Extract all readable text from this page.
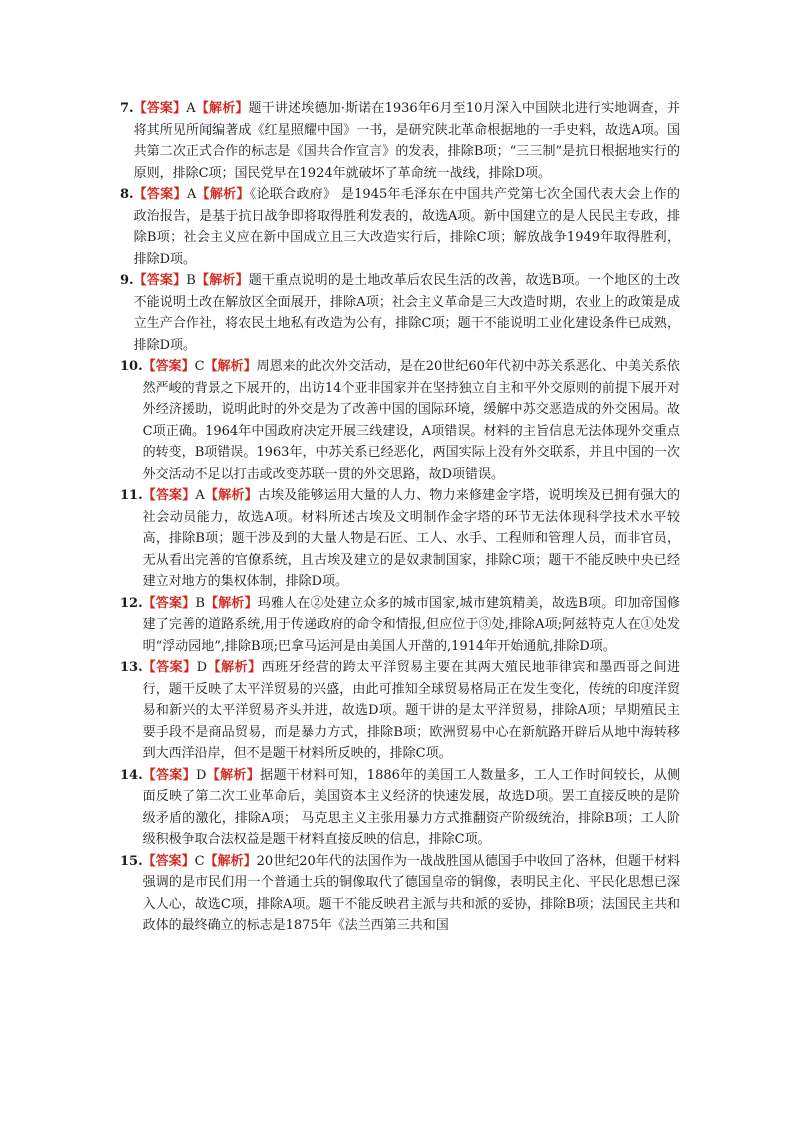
7. 【答案】A【解析】题干讲述埃德加·斯诺在1936年6月至10月深入中国陕北进行实地调查，并将其所见所闻编著成《红星照耀中国》一书，是研究陕北革命根据地的一手史料，故选A项。国共第二次正式合作的标志是《国共合作宣言》的发表，排除B项；“三三制”是抗日根据地实行的原则，排除C项；国民党早在1924年就破坏了革命统一战线，排除D项。
8. 【答案】A【解析】《论联合政府》 是1945年毛泽东在中国共产党第七次全国代表大会上作的政治报告，是基于抗日战争即将取得胜利发表的，故选A项。新中国建立的是人民民主专政，排除B项；社会主义应在新中国成立且三大改造实行后，排除C项；解放战争1949年取得胜利，排除D项。
9. 【答案】B【解析】题干重点说明的是土地改革后农民生活的改善，故选B项。一个地区的土改不能说明土改在解放区全面展开，排除A项；社会主义革命是三大改造时期，农业上的政策是成立生产合作社，将农民土地私有改造为公有，排除C项；题干不能说明工业化建设条件已成熟，排除D项。
10. 【答案】C【解析】周恩来的此次外交活动，是在20世纪60年代初中苏关系恶化、中美关系依然严峻的背景之下展开的，出访14个亚非国家并在坚持独立自主和平外交原则的前提下展开对外经济援助，说明此时的外交是为了改善中国的国际环境，缓解中苏交恶造成的外交困局。故C项正确。1964年中国政府决定开展三线建设，A项错误。材料的主旨信息无法体现外交重点的转变，B项错误。1963年，中苏关系已经恶化，两国实际上没有外交联系，并且中国的一次外交活动不足以打击或改变苏联一贯的外交思路，故D项错误。
11. 【答案】A【解析】古埃及能够运用大量的人力、物力来修建金字塔，说明埃及已拥有强大的社会动员能力，故选A项。材料所述古埃及文明制作金字塔的环节无法体现科学技术水平较高，排除B项；题干涉及到的大量人物是石匠、工人、水手、工程师和管理人员，而非官员，无从看出完善的官僚系统，且古埃及建立的是奴隶制国家，排除C项；题干不能反映中央已经建立对地方的集权体制，排除D项。
12. 【答案】B【解析】玛雅人在②处建立众多的城市国家,城市建筑精美，故选B项。印加帝国修建了完善的道路系统,用于传递政府的命令和情报,但应位于③处,排除A项;阿兹特克人在①处发明“浮动园地”,排除B项;巴拿马运河是由美国人开凿的,1914年开始通航,排除D项。
13. 【答案】D【解析】西班牙经营的跨太平洋贸易主要在其两大殖民地菲律宾和墨西哥之间进行，题干反映了太平洋贸易的兴盛，由此可推知全球贸易格局正在发生变化，传统的印度洋贸易和新兴的太平洋贸易齐头并进，故选D项。题干讲的是太平洋贸易，排除A项；早期殖民主要手段不是商品贸易，而是暴力方式，排除B项；欧洲贸易中心在新航路开辟后从地中海转移到大西洋沿岸，但不是题干材料所反映的，排除C项。
14. 【答案】D【解析】据题干材料可知，1886年的美国工人数量多，工人工作时间较长，从侧面反映了第二次工业革命后，美国资本主义经济的快速发展，故选D项。罢工直接反映的是阶级矛盾的激化，排除A项； 马克思主义主张用暴力方式推翻资产阶级统治，排除B项；工人阶级积极争取合法权益是题干材料直接反映的信息，排除C项。
15. 【答案】C【解析】20世纪20年代的法国作为一战战胜国从德国手中收回了洛林，但题干材料强调的是市民们用一个普通士兵的铜像取代了德国皇帝的铜像，表明民主化、平民化思想已深入人心，故选C项，排除A项。题干不能反映君主派与共和派的妥协，排除B项；法国民主共和政体的最终确立的标志是1875年《法兰西第三共和国
